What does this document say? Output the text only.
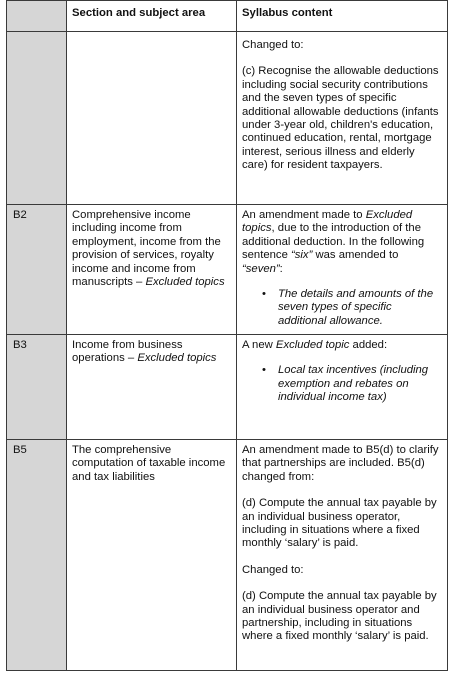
	Section and subject area	Syllabus content

		Changed to:

(c) Recognise the allowable deductions including social security contributions and the seven types of specific additional allowable deductions (infants under 3-year old, children's education, continued education, rental, mortgage interest, serious illness and elderly care) for resident taxpayers.

B2	Comprehensive income including income from employment, income from the provision of services, royalty income and income from manuscripts – Excluded topics	An amendment made to Excluded topics, due to the introduction of the additional deduction. In the following sentence “six” was amended to “seven”:

• The details and amounts of the seven types of specific additional allowance.

B3	Income from business operations – Excluded topics	A new Excluded topic added:

• Local tax incentives (including exemption and rebates on individual income tax)

B5	The comprehensive computation of taxable income and tax liabilities	An amendment made to B5(d) to clarify that partnerships are included. B5(d) changed from:

(d) Compute the annual tax payable by an individual business operator, including in situations where a fixed monthly ‘salary’ is paid.

Changed to:

(d) Compute the annual tax payable by an individual business operator and partnership, including in situations where a fixed monthly ‘salary’ is paid.
